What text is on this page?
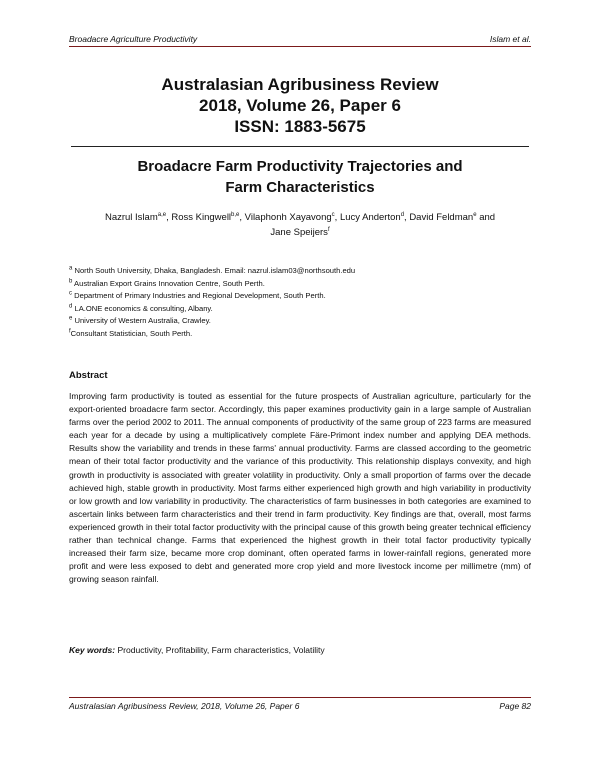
Broadacre Agriculture Productivity	Islam et al.
Australasian Agribusiness Review
2018, Volume 26, Paper 6
ISSN: 1883-5675
Broadacre Farm Productivity Trajectories and
Farm Characteristics
Nazrul Islam$^{a,e}$, Ross Kingwell$^{b,e}$, Vilaphonh Xayavong$^c$, Lucy Anderton$^d$, David Feldman$^e$ and
Jane Speijers$^f$
$^a$ North South University, Dhaka, Bangladesh. Email: nazrul.islam03@northsouth.edu
$^b$ Australian Export Grains Innovation Centre, South Perth.
$^c$ Department of Primary Industries and Regional Development, South Perth.
$^d$ LA.ONE economics & consulting, Albany.
$^e$ University of Western Australia, Crawley.
$^f$Consultant Statistician, South Perth.
Abstract
Improving farm productivity is touted as essential for the future prospects of Australian agriculture, particularly for the export-oriented broadacre farm sector. Accordingly, this paper examines productivity gain in a large sample of Australian farms over the period 2002 to 2011. The annual components of productivity of the same group of 223 farms are measured each year for a decade by using a multiplicatively complete Färe-Primont index number and applying DEA methods. Results show the variability and trends in these farms' annual productivity. Farms are classed according to the geometric mean of their total factor productivity and the variance of this productivity. This relationship displays convexity, and high growth in productivity is associated with greater volatility in productivity. Only a small proportion of farms over the decade achieved high, stable growth in productivity. Most farms either experienced high growth and high variability in productivity or low growth and low variability in productivity. The characteristics of farm businesses in both categories are examined to ascertain links between farm characteristics and their trend in farm productivity. Key findings are that, overall, most farms experienced growth in their total factor productivity with the principal cause of this growth being greater technical efficiency rather than technical change. Farms that experienced the highest growth in their total factor productivity typically increased their farm size, became more crop dominant, often operated farms in lower-rainfall regions, generated more profit and were less exposed to debt and generated more crop yield and more livestock income per millimetre (mm) of growing season rainfall.
Key words: Productivity, Profitability, Farm characteristics, Volatility
Australasian Agribusiness Review, 2018, Volume 26, Paper 6	Page 82
